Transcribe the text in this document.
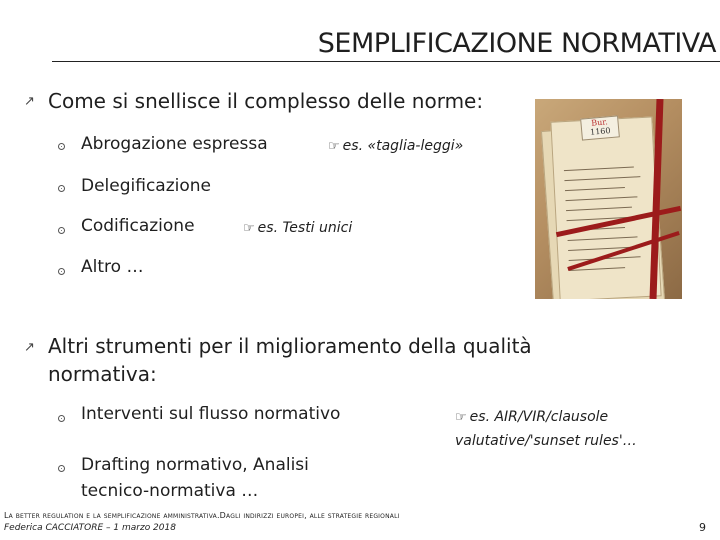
SEMPLIFICAZIONE NORMATIVA
↗ Come si snellisce il complesso delle norme:
Abrogazione espressa	☞ es. «taglia-leggi»
Delegificazione
Codificazione	☞ es. Testi unici
Altro …
Bur.
1160
↗ Altri strumenti per il miglioramento della qualità
normativa:
Interventi sul flusso normativo
Drafting normativo, Analisi
tecnico-normativa …
☞ es. AIR/VIR/clausole
valutative/'sunset rules'…
La better regulation e la semplificazione amministrativa.Dagli indirizzi europei, alle strategie regionali
Federica CACCIATORE – 1 marzo 2018	9
